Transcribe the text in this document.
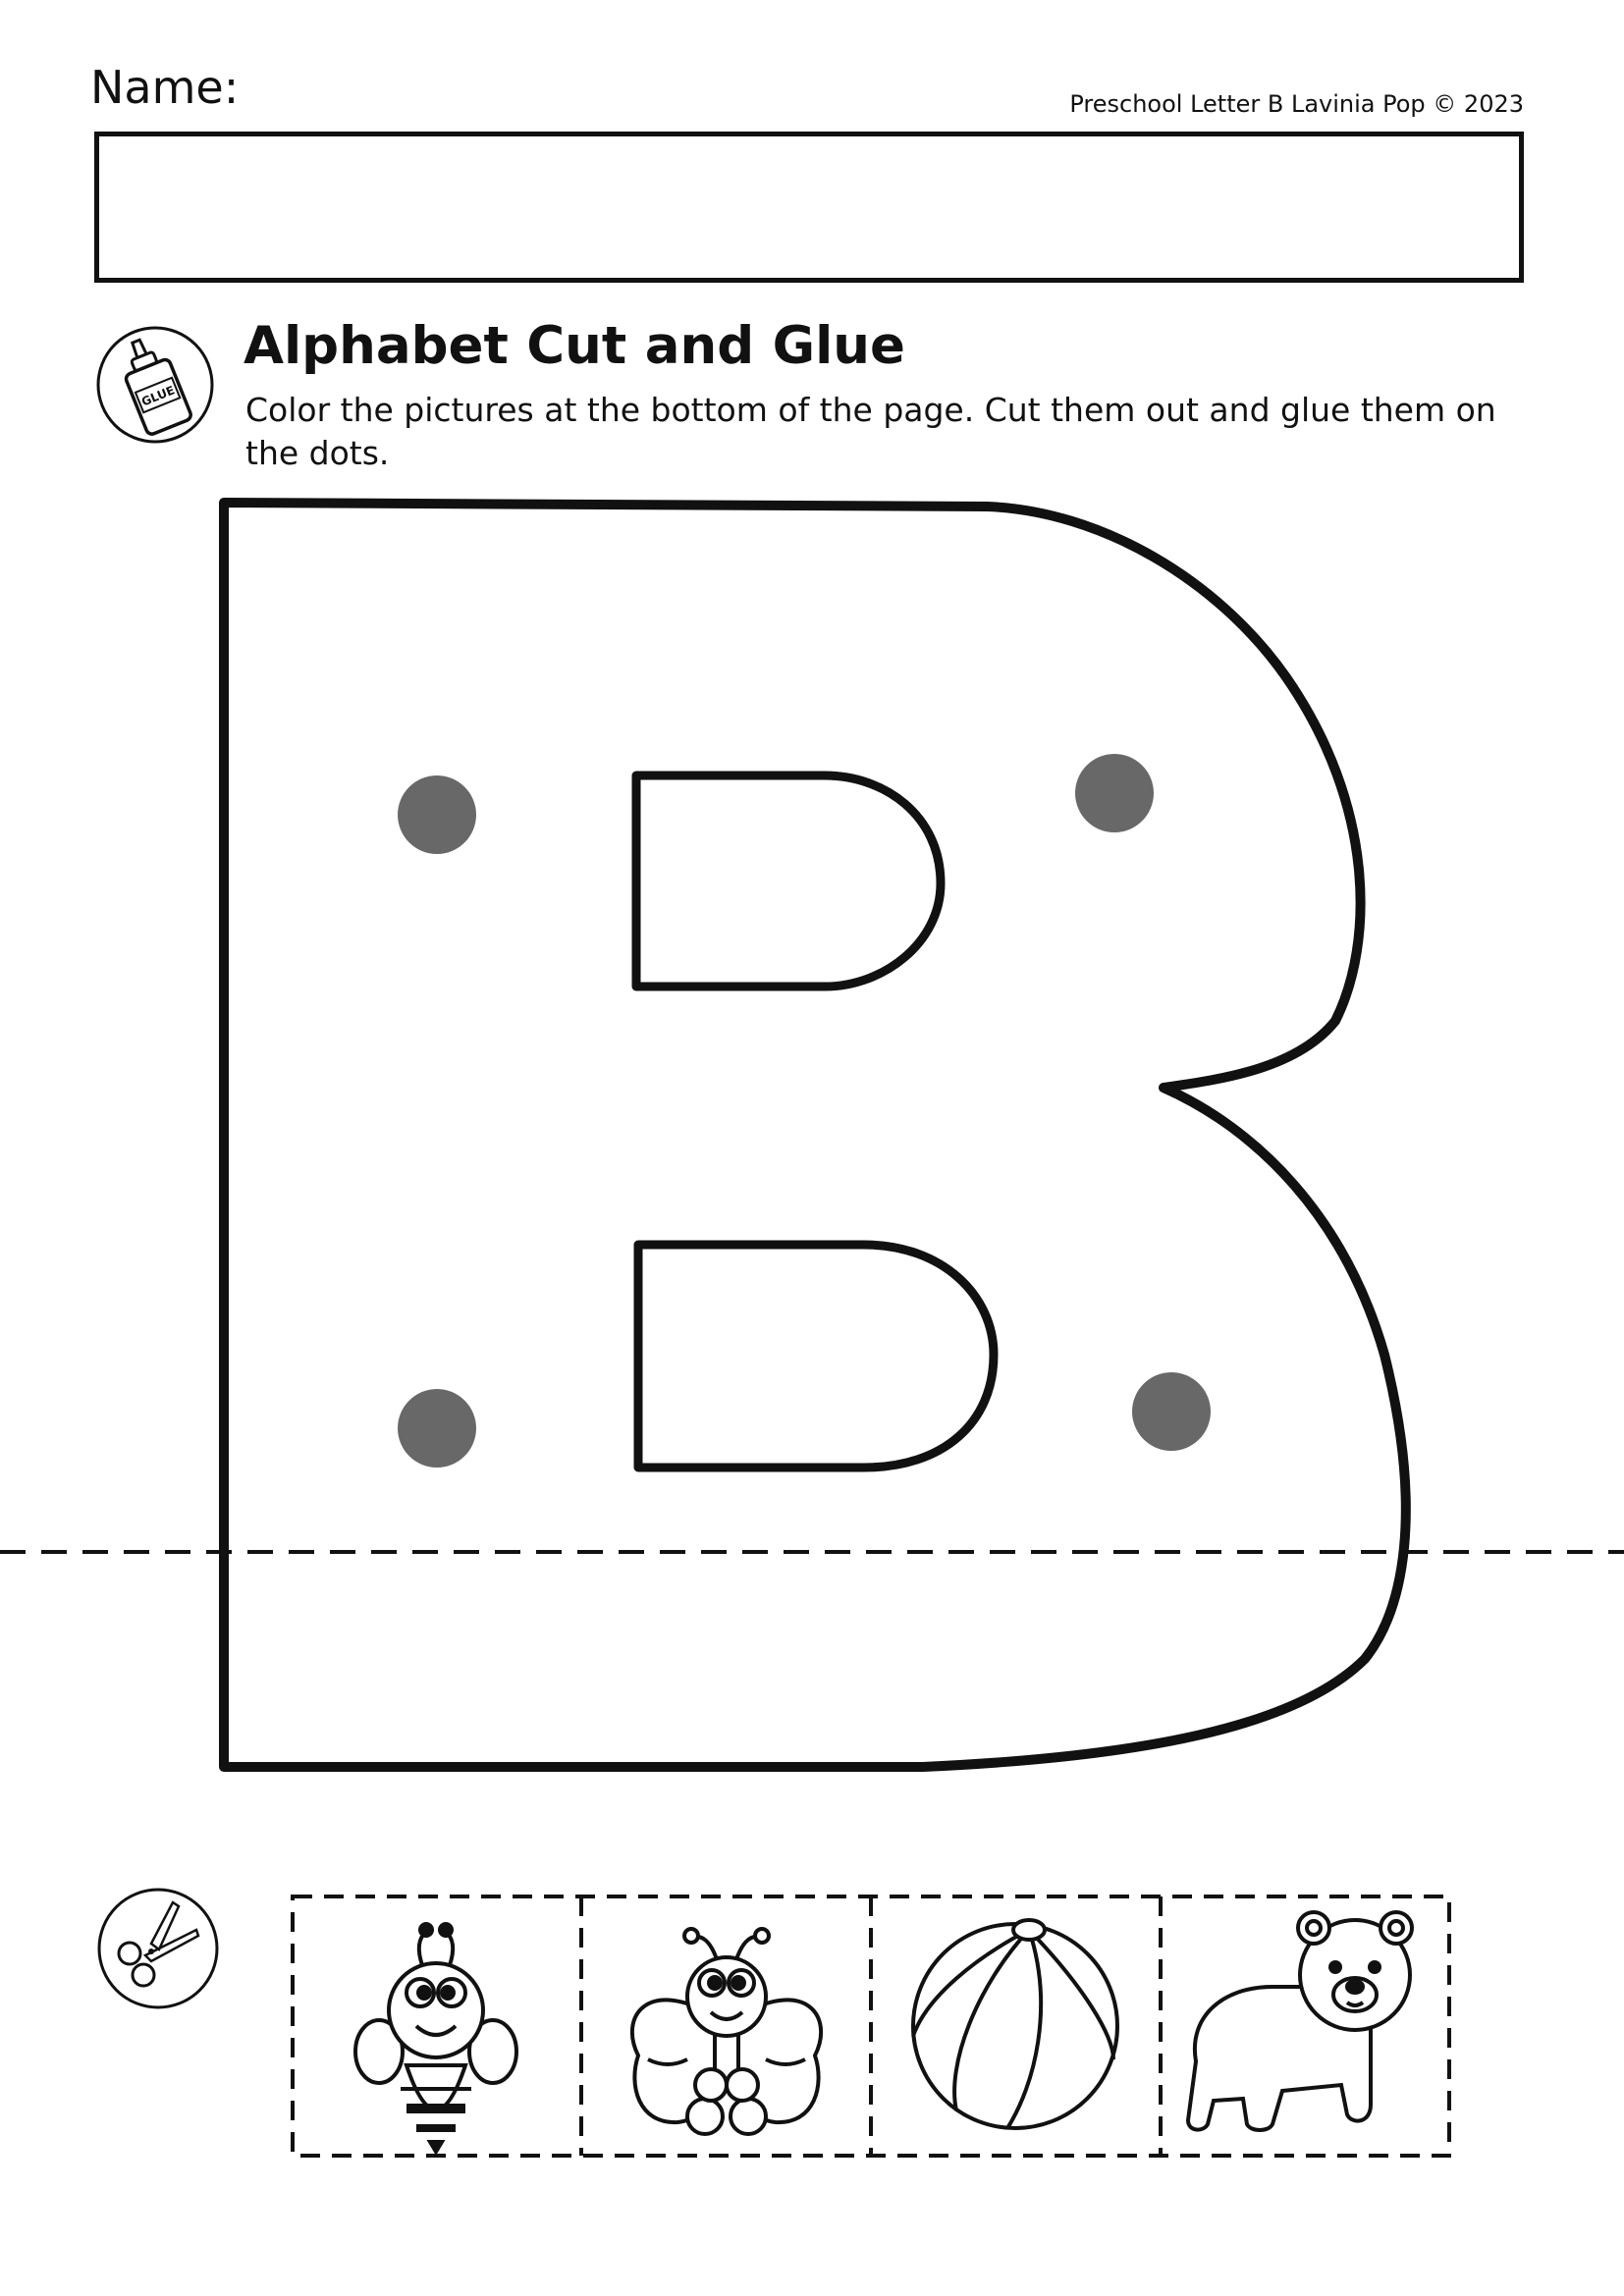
Name:	Preschool Letter B Lavinia Pop © 2023
GLUE
Alphabet Cut and Glue
Color the pictures at the bottom of the page. Cut them out and glue them on the dots.
